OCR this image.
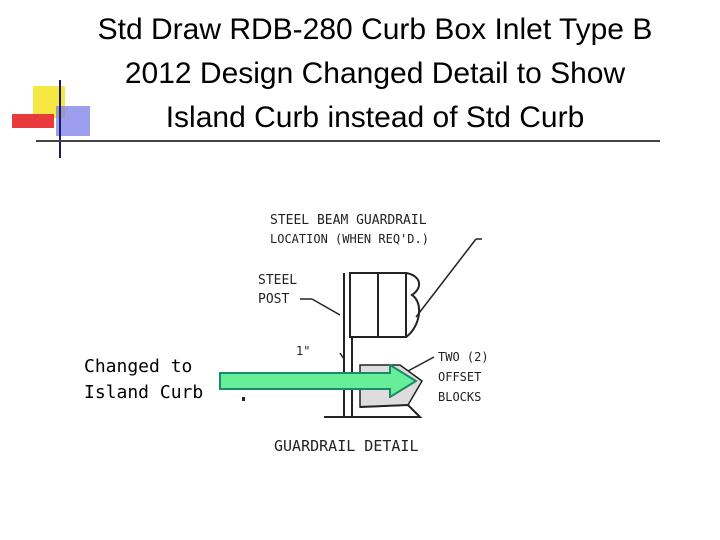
Std Draw RDB-280 Curb Box Inlet Type B
2012 Design Changed Detail to Show
Island Curb instead of Std Curb
STEEL BEAM GUARDRAIL
LOCATION (WHEN REQ'D.)
STEEL
POST
1"	TWO (2)
OFFSET
BLOCKS
GUARDRAIL DETAIL
Changed to
Island Curb
